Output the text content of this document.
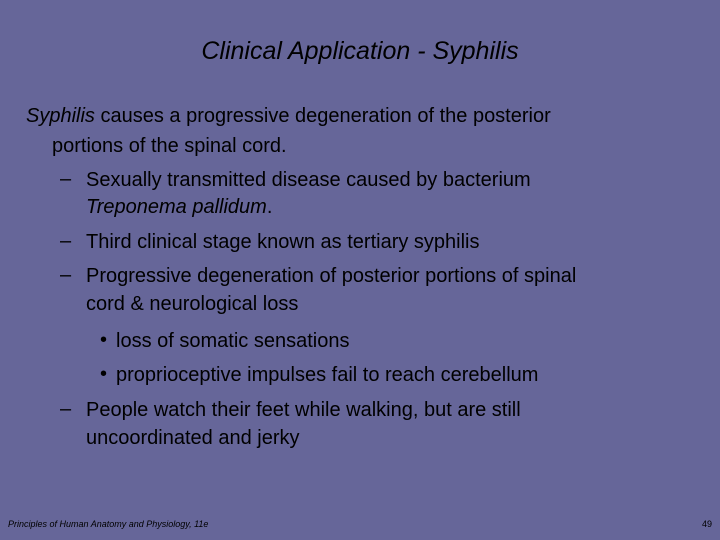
Clinical Application - Syphilis
Syphilis causes a progressive degeneration of the posterior
portions of the spinal cord.
– Sexually transmitted disease caused by bacterium
Treponema pallidum.
– Third clinical stage known as tertiary syphilis
– Progressive degeneration of posterior portions of spinal
cord & neurological loss
• loss of somatic sensations
• proprioceptive impulses fail to reach cerebellum
– People watch their feet while walking, but are still
uncoordinated and jerky
Principles of Human Anatomy and Physiology, 11e	49
